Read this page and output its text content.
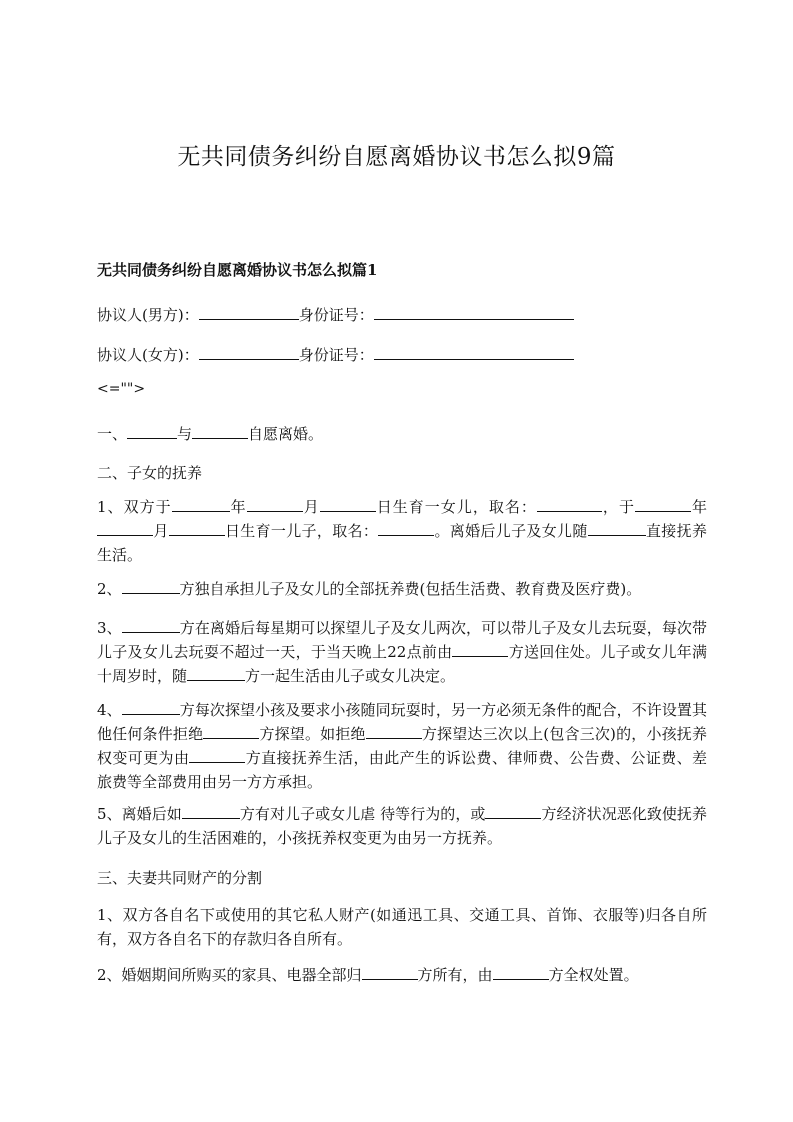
无共同债务纠纷自愿离婚协议书怎么拟9篇
无共同债务纠纷自愿离婚协议书怎么拟篇1
协议人(男方)：	身份证号：
协议人(女方)：	身份证号：
<="">
一、	与	自愿离婚。
二、子女的抚养
1、双方于	年	月	日生育一女儿，取名：	，于	年月	日生育一儿子，取名：	。离婚后儿子及女儿随	直接抚养生活。
2、	方独自承担儿子及女儿的全部抚养费(包括生活费、教育费及医疗费)。
3、	方在离婚后每星期可以探望儿子及女儿两次，可以带儿子及女儿去玩耍，每次带儿子及女儿去玩耍不超过一天，于当天晚上22点前由	方送回住处。儿子或女儿年满十周岁时，随	方一起生活由儿子或女儿决定。
4、	方每次探望小孩及要求小孩随同玩耍时，另一方必须无条件的配合，不许设置其他任何条件拒绝	方探望。如拒绝	方探望达三次以上(包含三次)的，小孩抚养权变可更为由	方直接抚养生活，由此产生的诉讼费、律师费、公告费、公证费、差旅费等全部费用由另一方方承担。
5、离婚后如	方有对儿子或女儿虐 待等行为的，或	方经济状况恶化致使抚养儿子及女儿的生活困难的，小孩抚养权变更为由另一方抚养。
三、夫妻共同财产的分割
1、双方各自名下或使用的其它私人财产(如通迅工具、交通工具、首饰、衣服等)归各自所有，双方各自名下的存款归各自所有。
2、婚姻期间所购买的家具、电器全部归	方所有，由	方全权处置。
